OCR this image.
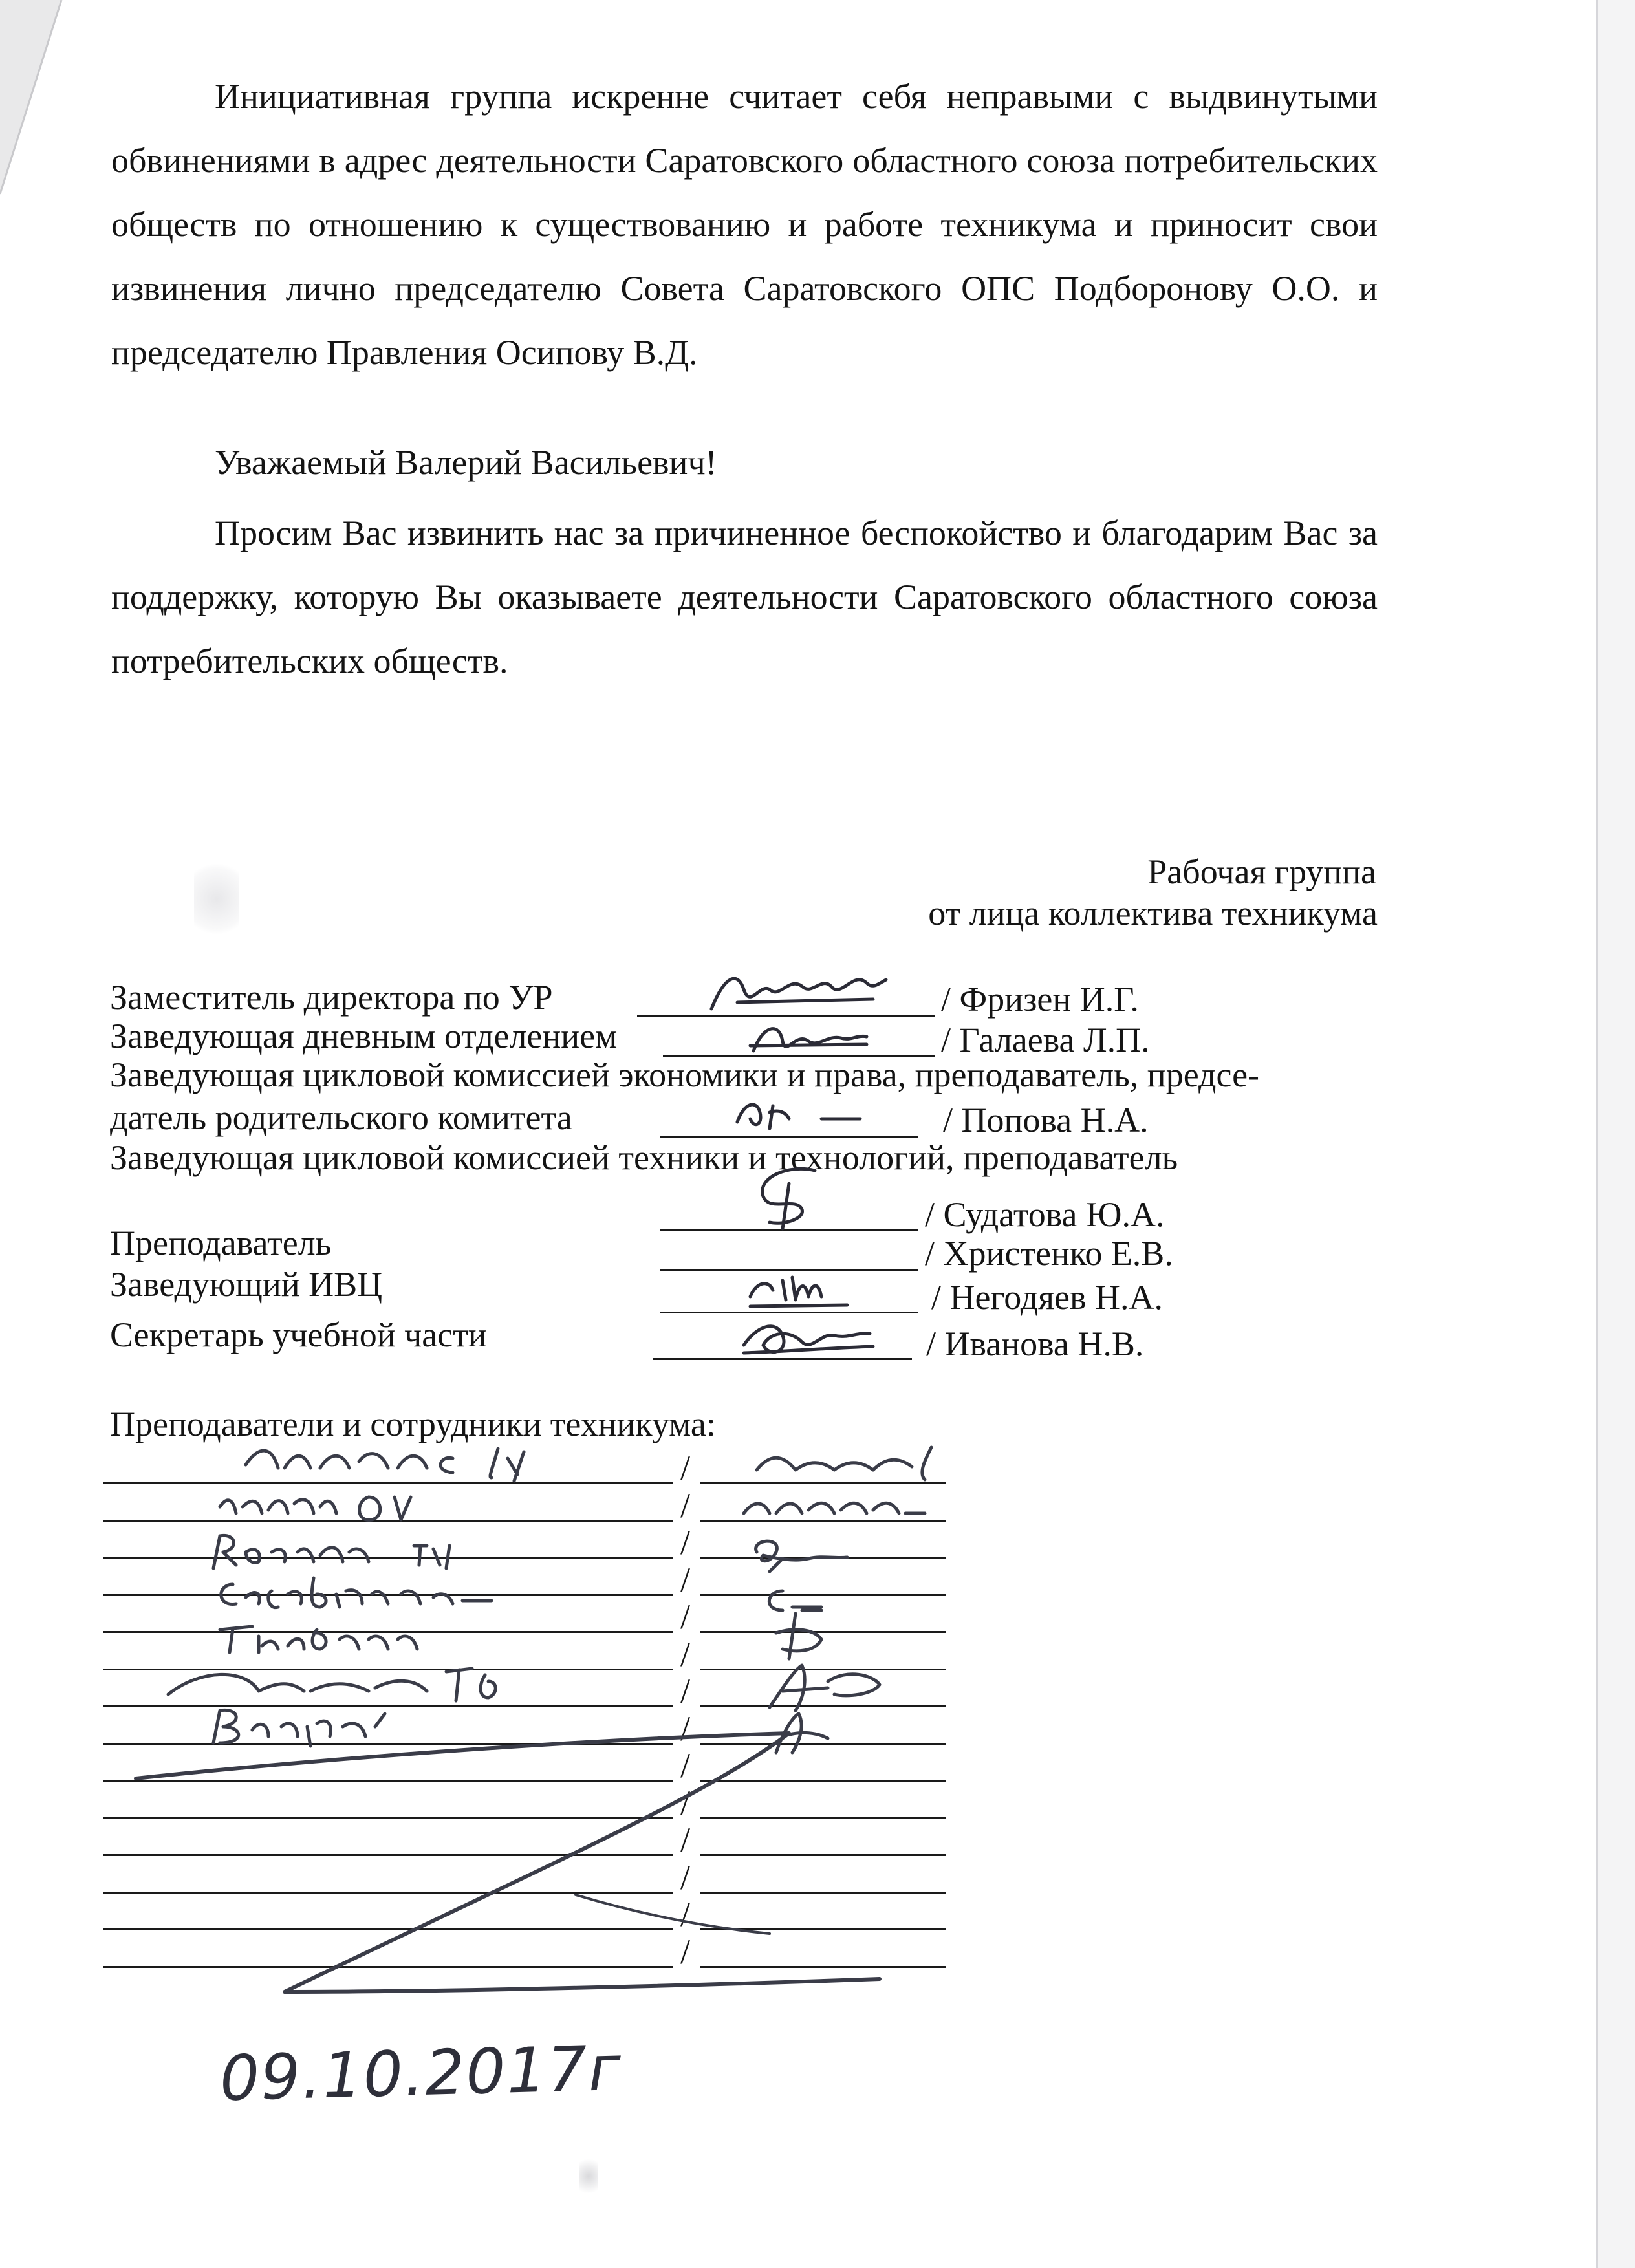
Инициативная группа искренне считает себя неправыми с выдвинутыми обвинениями в адрес деятельности Саратовского областного союза потребительских обществ по отношению к существованию и работе техникума и приносит свои извинения лично председателю Совета Саратовского ОПС Подборонову О.О. и председателю Правления Осипову В.Д.
Уважаемый Валерий Васильевич!
Просим Вас извинить нас за причиненное беспокойство и благодарим Вас за поддержку, которую Вы оказываете деятельности Саратовского областного союза потребительских обществ.
Рабочая группа
от лица коллектива техникума
Заместитель директора по УР	/ Фризен И.Г.
Заведующая дневным отделением	/ Галаева Л.П.
Заведующая цикловой комиссией экономики и права, преподаватель, предсе-
датель родительского комитета	/ Попова Н.А.
Заведующая цикловой комиссией техники и технологий, преподаватель
/ Судатова Ю.А.
Преподаватель	/ Христенко Е.В.
Заведующий ИВЦ	/ Негодяев Н.А.
Секретарь учебной части	/ Иванова Н.В.
Преподаватели и сотрудники техникума:
/
/
/
/
/
/
/
/
/
/
/
/
/
/
09.10.2017г
